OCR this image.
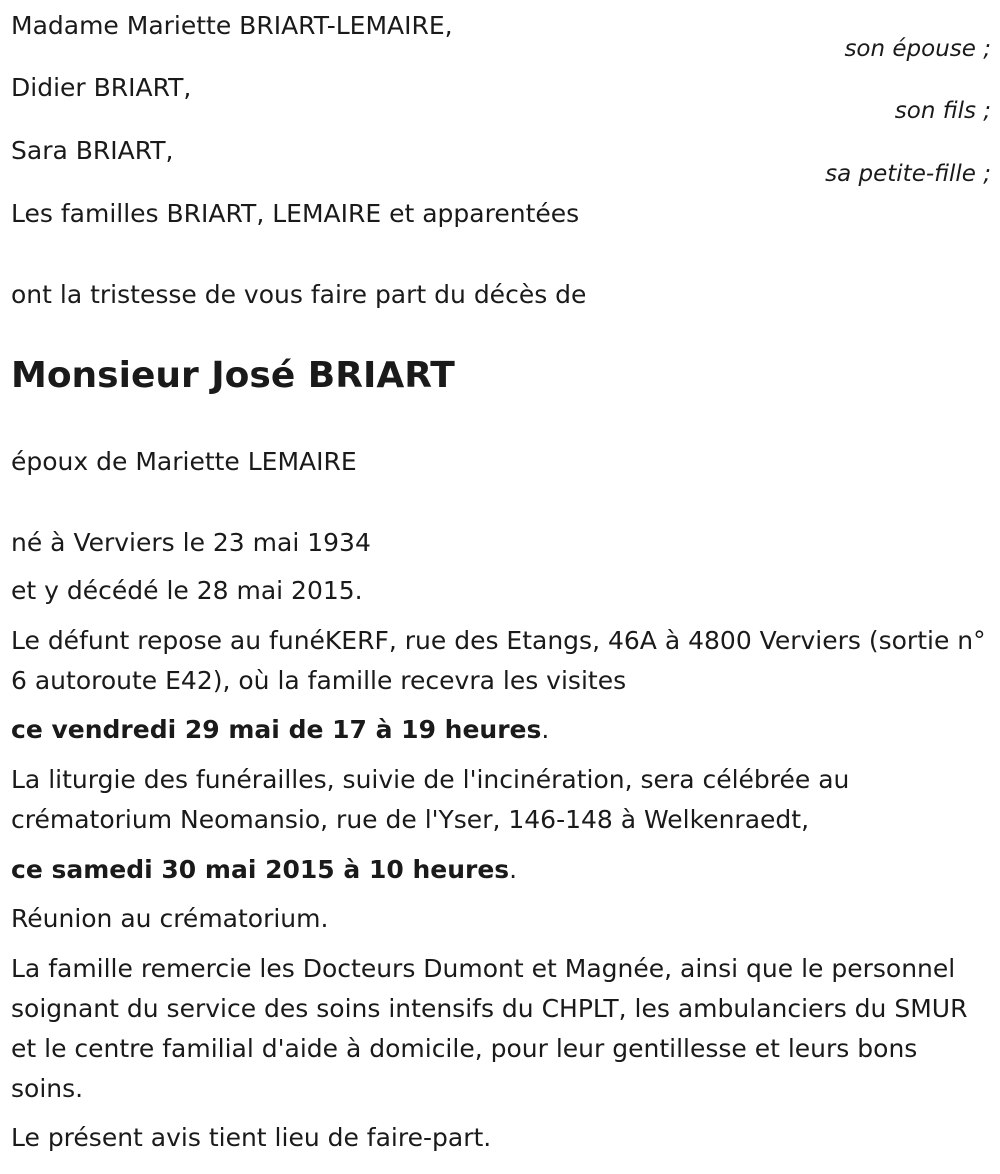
Madame Mariette BRIART-LEMAIRE,
son épouse ;
Didier BRIART,
son fils ;
Sara BRIART,
sa petite-fille ;
Les familles BRIART, LEMAIRE et apparentées
ont la tristesse de vous faire part du décès de
Monsieur José BRIART
époux de Mariette LEMAIRE
né à Verviers le 23 mai 1934
et y décédé le 28 mai 2015.
Le défunt repose au funéKERF, rue des Etangs, 46A à 4800 Verviers (sortie n° 6 autoroute E42), où la famille recevra les visites
ce vendredi 29 mai de 17 à 19 heures.
La liturgie des funérailles, suivie de l'incinération, sera célébrée au crématorium Neomansio, rue de l'Yser, 146-148 à Welkenraedt,
ce samedi 30 mai 2015 à 10 heures.
Réunion au crématorium.
La famille remercie les Docteurs Dumont et Magnée, ainsi que le personnel soignant du service des soins intensifs du CHPLT, les ambulanciers du SMUR et le centre familial d'aide à domicile, pour leur gentillesse et leurs bons soins.
Le présent avis tient lieu de faire-part.
